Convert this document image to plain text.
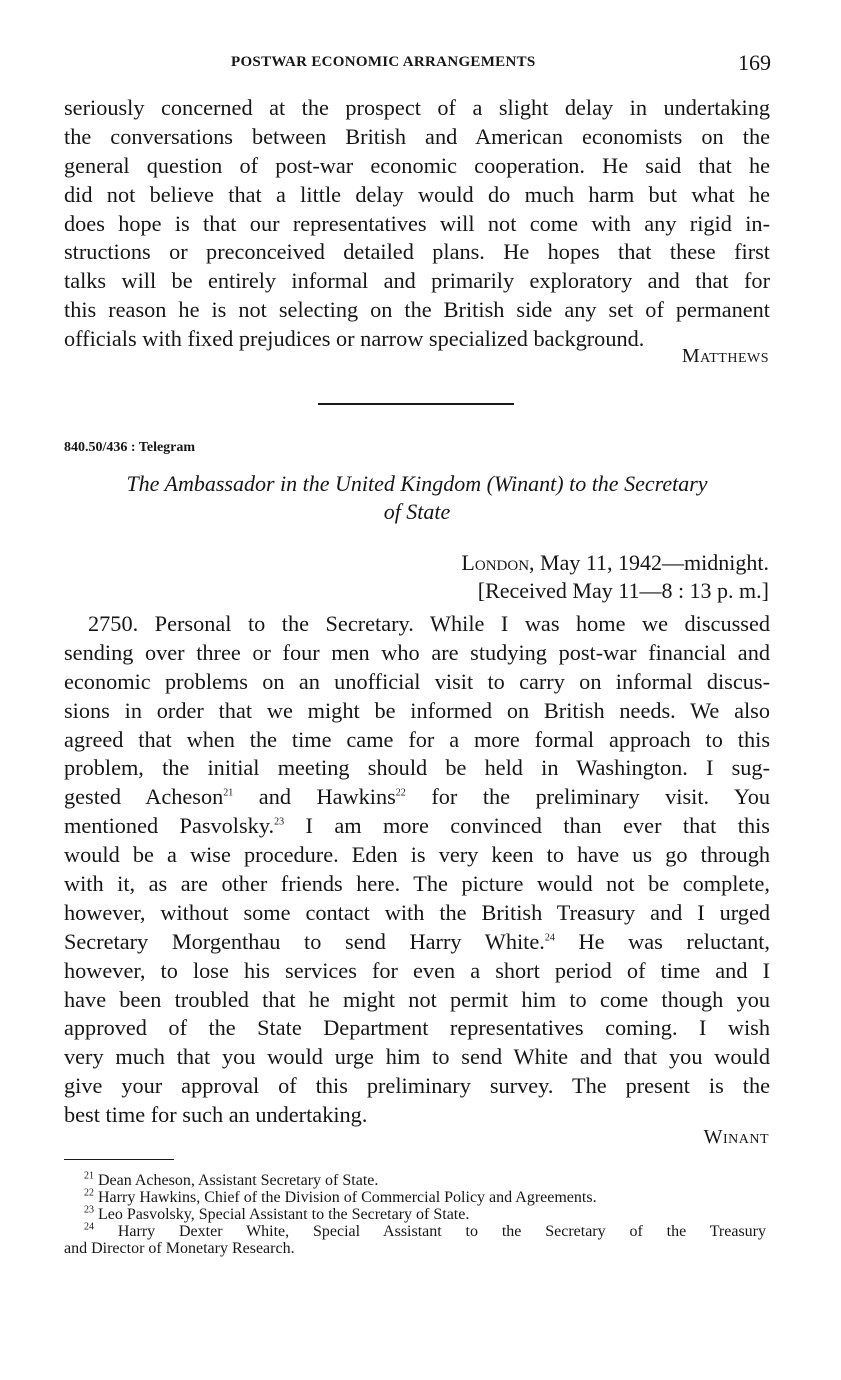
POSTWAR ECONOMIC ARRANGEMENTS	169
seriously concerned at the prospect of a slight delay in undertaking
the conversations between British and American economists on the
general question of post-war economic cooperation. He said that he
did not believe that a little delay would do much harm but what he
does hope is that our representatives will not come with any rigid in-
structions or preconceived detailed plans. He hopes that these first
talks will be entirely informal and primarily exploratory and that for
this reason he is not selecting on the British side any set of permanent
officials with fixed prejudices or narrow specialized background.
Matthews
840.50/436 : Telegram
The Ambassador in the United Kingdom (Winant) to the Secretary
of State
London, May 11, 1942—midnight.
[Received May 11—8 : 13 p. m.]
2750. Personal to the Secretary. While I was home we discussed
sending over three or four men who are studying post-war financial and
economic problems on an unofficial visit to carry on informal discus-
sions in order that we might be informed on British needs. We also
agreed that when the time came for a more formal approach to this
problem, the initial meeting should be held in Washington. I sug-
gested Acheson$^{21}$ and Hawkins$^{22}$ for the preliminary visit. You
mentioned Pasvolsky.$^{23}$ I am more convinced than ever that this
would be a wise procedure. Eden is very keen to have us go through
with it, as are other friends here. The picture would not be complete,
however, without some contact with the British Treasury and I urged
Secretary Morgenthau to send Harry White.$^{24}$ He was reluctant,
however, to lose his services for even a short period of time and I
have been troubled that he might not permit him to come though you
approved of the State Department representatives coming. I wish
very much that you would urge him to send White and that you would
give your approval of this preliminary survey. The present is the
best time for such an undertaking.
Winant
$^{21}$ Dean Acheson, Assistant Secretary of State.
$^{22}$ Harry Hawkins, Chief of the Division of Commercial Policy and Agreements.
$^{23}$ Leo Pasvolsky, Special Assistant to the Secretary of State.
$^{24}$ Harry Dexter White, Special Assistant to the Secretary of the Treasury
and Director of Monetary Research.
